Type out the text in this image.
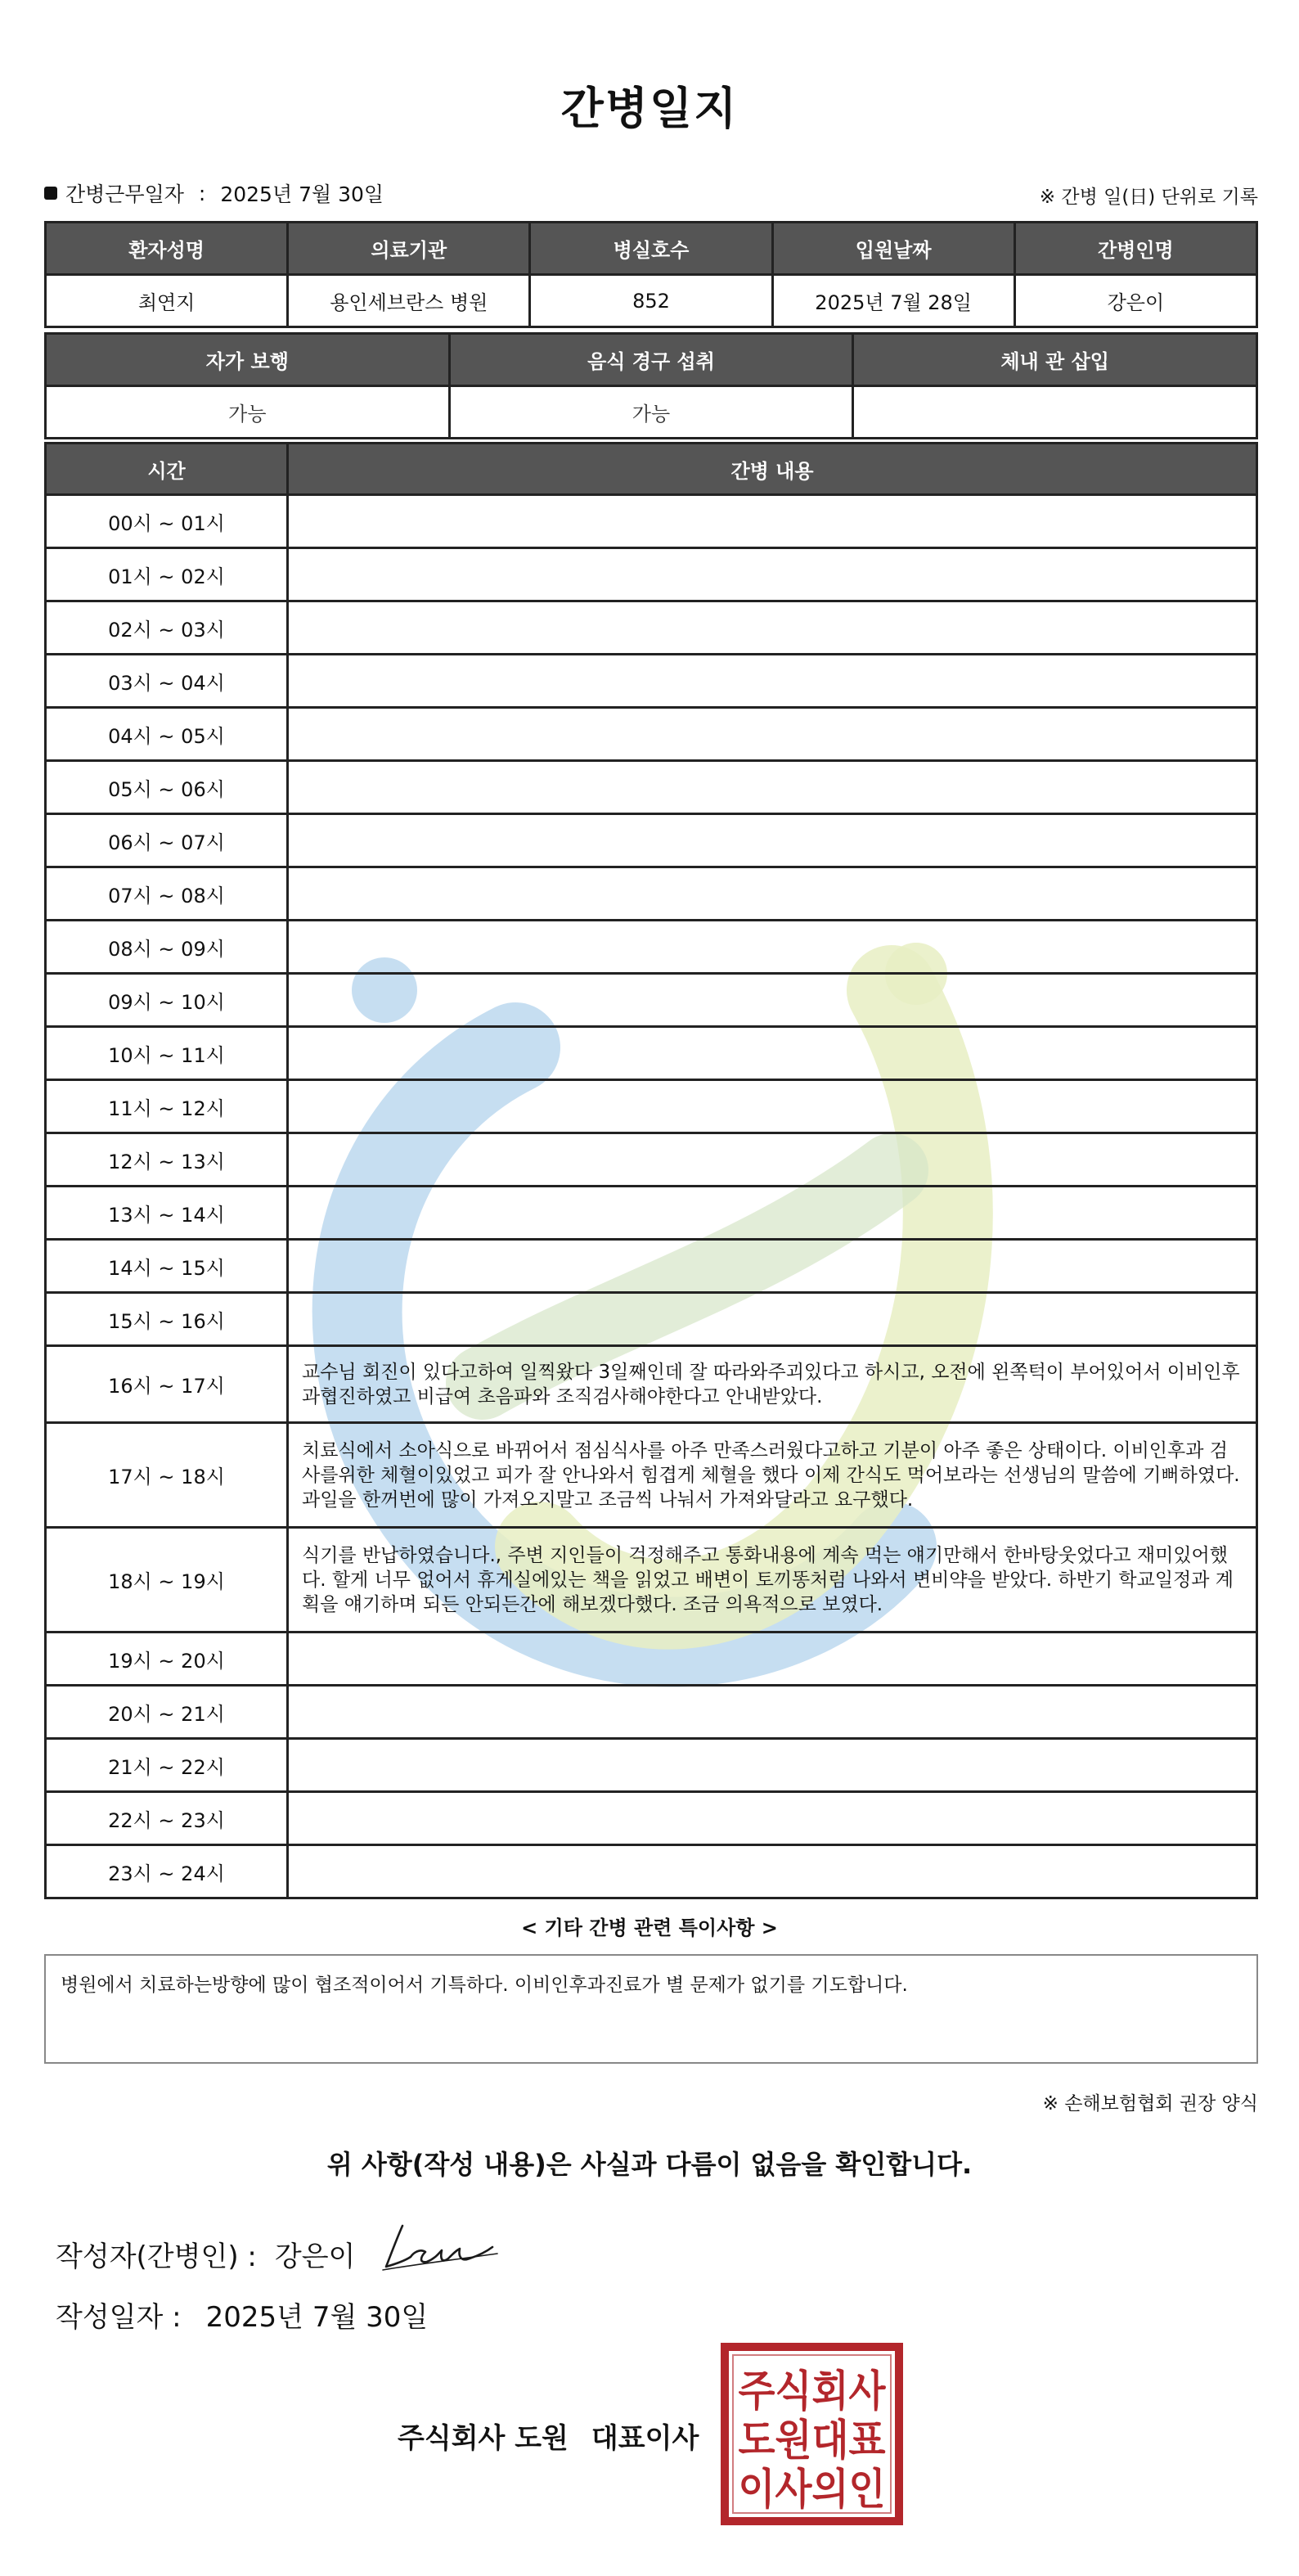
간병일지
간병근무일자 : 2025년 7월 30일	※ 간병 일(日) 단위로 기록
환자성명	의료기관	병실호수	입원날짜	간병인명
최연지	용인세브란스 병원	852	2025년 7월 28일	강은이
자가 보행	음식 경구 섭취	체내 관 삽입
가능	가능	
시간	간병 내용
00시 ~ 01시	
01시 ~ 02시	
02시 ~ 03시	
03시 ~ 04시	
04시 ~ 05시	
05시 ~ 06시	
06시 ~ 07시	
07시 ~ 08시	
08시 ~ 09시	
09시 ~ 10시	
10시 ~ 11시	
11시 ~ 12시	
12시 ~ 13시	
13시 ~ 14시	
14시 ~ 15시	
15시 ~ 16시	
16시 ~ 17시	교수님 회진이 있다고하여 일찍왔다 3일째인데 잘 따라와주괴있다고 하시고, 오전에 왼쪽턱이 부어있어서 이비인후과협진하였고 비급여 초음파와 조직검사해야한다고 안내받았다.
17시 ~ 18시	치료식에서 소아식으로 바뀌어서 점심식사를 아주 만족스러웠다고하고 기분이 아주 좋은 상태이다. 이비인후과 검사를위한 체혈이있었고 피가 잘 안나와서 힘겹게 체혈을 했다 이제 간식도 먹어보라는 선생님의 말씀에 기뻐하였다. 과일을 한꺼번에 많이 가져오지말고 조금씩 나눠서 가져와달라고 요구했다.
18시 ~ 19시	식기를 반납하였습니다., 주변 지인들이 걱정해주고 통화내용에 계속 먹는 얘기만해서 한바탕웃었다고 재미있어했다. 할게 너무 없어서 휴게실에있는 책을 읽었고 배변이 토끼똥처럼 나와서 변비약을 받았다. 하반기 학교일정과 계획을 얘기하며 되든 안되든간에 해보겠다했다. 조금 의욕적으로 보였다.
19시 ~ 20시	
20시 ~ 21시	
21시 ~ 22시	
22시 ~ 23시	
23시 ~ 24시	
< 기타 간병 관련 특이사항 >
병원에서 치료하는방향에 많이 협조적이어서 기특하다. 이비인후과진료가 별 문제가 없기를 기도합니다.
※ 손해보험협회 권장 양식
위 사항(작성 내용)은 사실과 다름이 없음을 확인합니다.
작성자(간병인) : 강은이
작성일자 : 2025년 7월 30일
주식회사 도원 대표이사
주식회사
도원대표
이사의인
